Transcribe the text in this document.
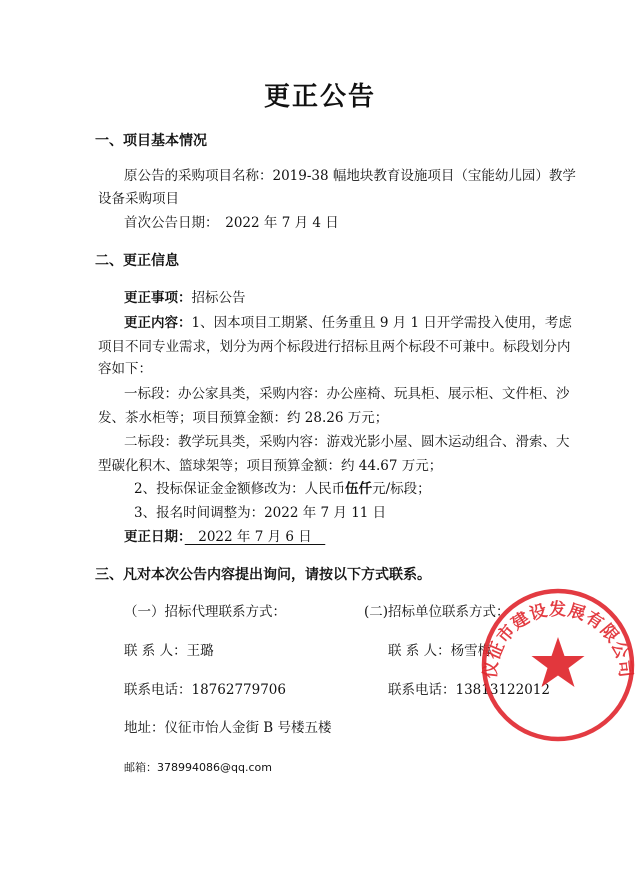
更正公告
一、项目基本情况
原公告的采购项目名称：2019-38 幅地块教育设施项目（宝能幼儿园）教学
设备采购项目
首次公告日期：　2022 年 7 月 4 日
二、更正信息
更正事项：招标公告
更正内容：1、因本项目工期紧、任务重且 9 月 1 日开学需投入使用，考虑
项目不同专业需求，划分为两个标段进行招标且两个标段不可兼中。标段划分内
容如下：
一标段：办公家具类，采购内容：办公座椅、玩具柜、展示柜、文件柜、沙
发、茶水柜等；项目预算金额：约 28.26 万元；
二标段：教学玩具类，采购内容：游戏光影小屋、圆木运动组合、滑索、大
型碳化积木、篮球架等；项目预算金额：约 44.67 万元；
2、投标保证金金额修改为：人民币伍仟元/标段；
3、报名时间调整为：2022 年 7 月 11 日
更正日期：　2022 年 7 月 6 日　
三、凡对本次公告内容提出询问，请按以下方式联系。
（一）招标代理联系方式：	(二)招标单位联系方式：
联 系 人：王璐	联 系 人：杨雪梅
联系电话：18762779706	联系电话：13813122012
地址：仪征市怡人金街 B 号楼五楼
邮箱：378994086@qq.com
仪征市建设发展有限公司
